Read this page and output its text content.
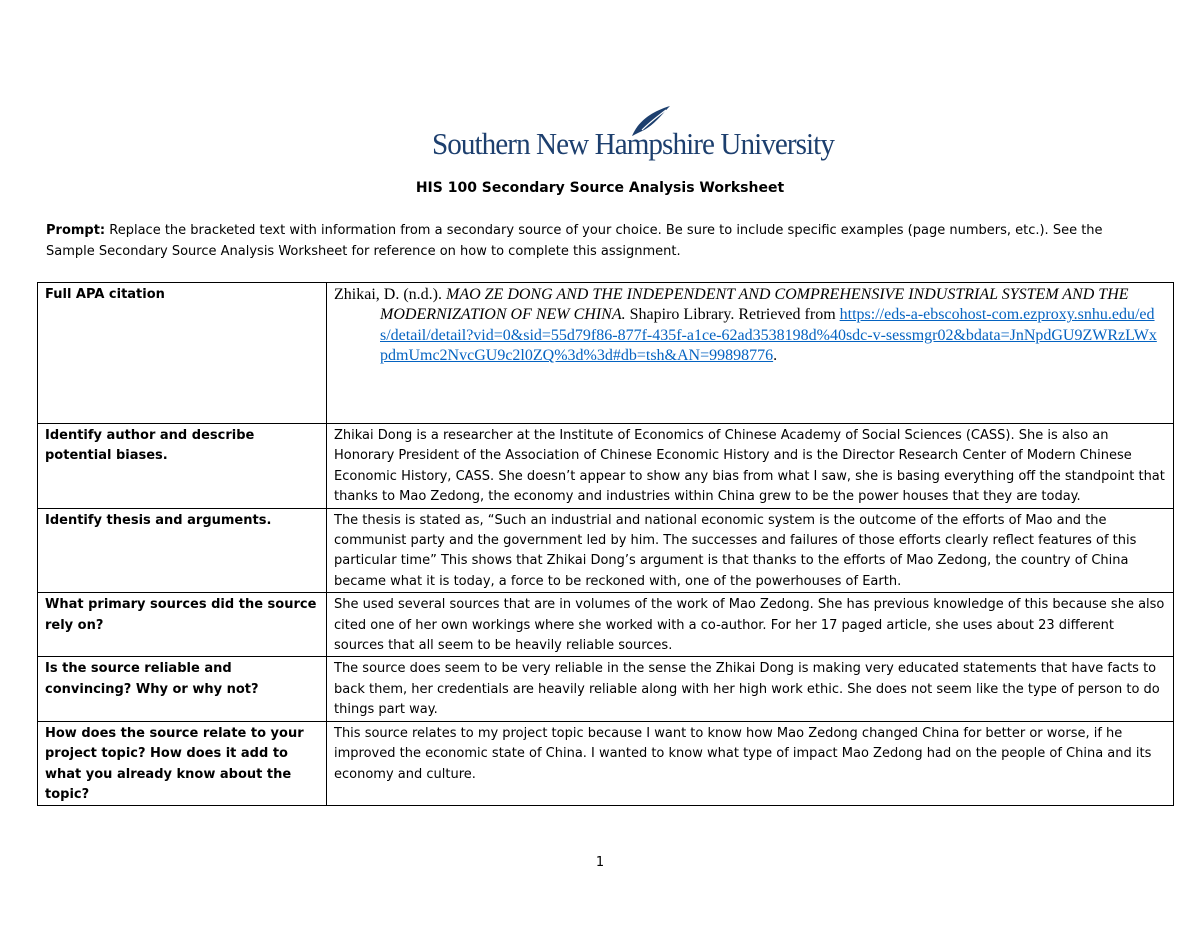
Southern New Hampshire University
HIS 100 Secondary Source Analysis Worksheet
Prompt: Replace the bracketed text with information from a secondary source of your choice. Be sure to include specific examples (page numbers, etc.). See the Sample Secondary Source Analysis Worksheet for reference on how to complete this assignment.
Full APA citation	Zhikai, D. (n.d.). MAO ZE DONG AND THE INDEPENDENT AND COMPREHENSIVE INDUSTRIAL SYSTEM AND THE MODERNIZATION OF NEW CHINA. Shapiro Library. Retrieved from https://eds-a-ebscohost-com.ezproxy.snhu.edu/eds/detail/detail?vid=0&sid=55d79f86-877f-435f-a1ce-62ad3538198d%40sdc-v-sessmgr02&bdata=JnNpdGU9ZWRzLWxpdmUmc2NvcGU9c2l0ZQ%3d%3d#db=tsh&AN=99898776.

Identify author and describe potential biases.	Zhikai Dong is a researcher at the Institute of Economics of Chinese Academy of Social Sciences (CASS). She is also an Honorary President of the Association of Chinese Economic History and is the Director Research Center of Modern Chinese Economic History, CASS. She doesn’t appear to show any bias from what I saw, she is basing everything off the standpoint that thanks to Mao Zedong, the economy and industries within China grew to be the power houses that they are today.
Identify thesis and arguments.	The thesis is stated as, “Such an industrial and national economic system is the outcome of the efforts of Mao and the communist party and the government led by him. The successes and failures of those efforts clearly reflect features of this particular time” This shows that Zhikai Dong’s argument is that thanks to the efforts of Mao Zedong, the country of China became what it is today, a force to be reckoned with, one of the powerhouses of Earth.
What primary sources did the source rely on?	She used several sources that are in volumes of the work of Mao Zedong. She has previous knowledge of this because she also cited one of her own workings where she worked with a co-author. For her 17 paged article, she uses about 23 different sources that all seem to be heavily reliable sources.
Is the source reliable and convincing? Why or why not?	The source does seem to be very reliable in the sense the Zhikai Dong is making very educated statements that have facts to back them, her credentials are heavily reliable along with her high work ethic. She does not seem like the type of person to do things part way.
How does the source relate to your project topic? How does it add to what you already know about the topic?	This source relates to my project topic because I want to know how Mao Zedong changed China for better or worse, if he improved the economic state of China. I wanted to know what type of impact Mao Zedong had on the people of China and its economy and culture.
1
